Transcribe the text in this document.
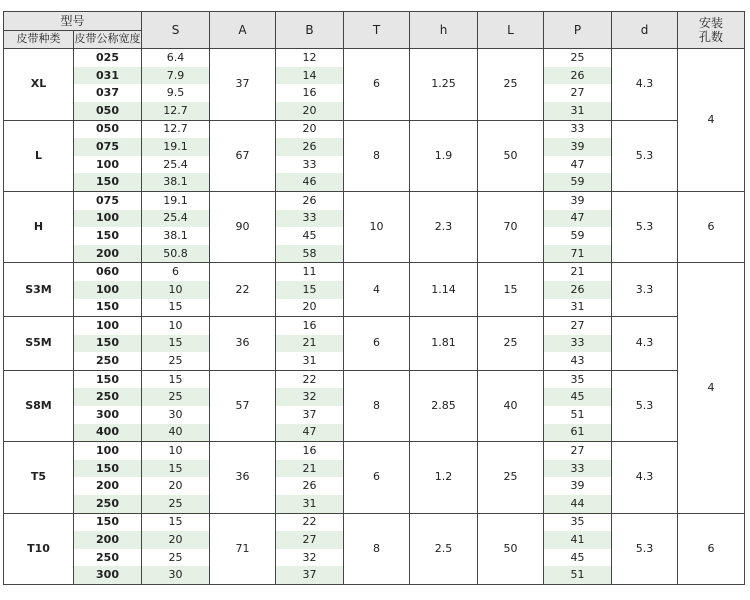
型号		S	A	B	T	h	L	P	d	安装
孔数

皮带种类	皮带公称宽度									
XL	025	6.4	37	12	6	1.25	25	25	4.3	4
	031	7.9		14				26		
	037	9.5		16				27		
	050	12.7		20				31		
L	050	12.7	67	20	8	1.9	50	33	5.3	
	075	19.1		26				39		
	100	25.4		33				47		
	150	38.1		46				59		
H	075	19.1	90	26	10	2.3	70	39	5.3	6
	100	25.4		33				47		
	150	38.1		45				59		
	200	50.8		58				71		
S3M	060	6	22	11	4	1.14	15	21	3.3	4
	100	10		15				26		
	150	15		20				31		
S5M	100	10	36	16	6	1.81	25	27	4.3	
	150	15		21				33		
	250	25		31				43		
S8M	150	15	57	22	8	2.85	40	35	5.3	
	250	25		32				45		
	300	30		37				51		
	400	40		47				61		
T5	100	10	36	16	6	1.2	25	27	4.3	
	150	15		21				33		
	200	20		26				39		
	250	25		31				44		
T10	150	15	71	22	8	2.5	50	35	5.3	6
	200	20		27				41		
	250	25		32				45		
	300	30		37				51		
